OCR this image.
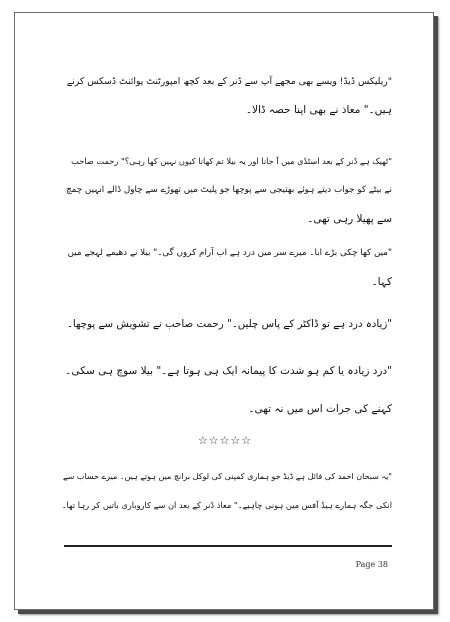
"ریلیکس ڈیڈ! ویسے بھی مجھے آپ سے ڈنر کے بعد کچھ امپورٹنٹ پوائنٹ ڈسکس کرنے
ہیں۔" معاذ نے بھی اپنا حصہ ڈالا۔
"ٹھیک ہے ڈنر کے بعد اسٹڈی میں آ جانا اور یہ بیلا تم کھانا کیوں نہیں کھا رہی؟" رحمت صاحب
نے بیٹے کو جواب دیتے ہوئے بھتیجی سے پوچھا جو پلیٹ میں تھوڑے سے چاول ڈالے انہیں چمچ
سے پھیلا رہی تھی۔
"میں کھا چکی بڑے ابا۔ میرے سر میں درد ہے اب آرام کروں گی۔" بیلا نے دھیمے لہجے میں
کہا۔
"زیادہ درد ہے تو ڈاکٹر کے پاس چلیں۔" رحمت صاحب نے تشویش سے پوچھا۔
"درد زیادہ یا کم ہو شدت کا پیمانہ ایک ہی ہوتا ہے۔" بیلا سوچ ہی سکی۔
کہنے کی جرات اس میں نہ تھی۔
☆☆☆☆☆
"یہ سبحان احمد کی فائل ہے ڈیڈ جو ہماری کمپنی کی لوکل برانچ میں ہوتے ہیں۔ میرے حساب سے
انکی جگہ ہمارے ہیڈ آفس میں ہونی چاہیے۔" معاذ ڈنر کے بعد ان سے کاروباری باتیں کر رہا تھا۔
Page 38
